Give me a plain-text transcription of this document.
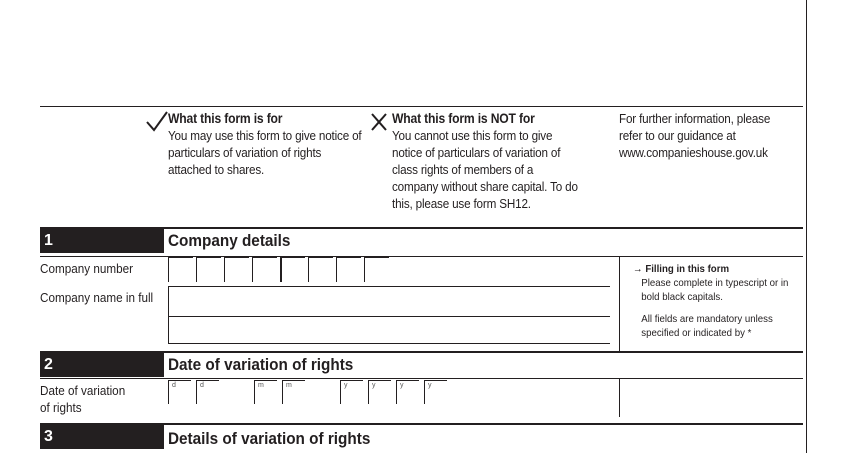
What this form is for

You may use this form to give notice of particulars of variation of rights attached to shares.

What this form is NOT for

You cannot use this form to give notice of particulars of variation of class rights of members of a company without share capital. To do this, please use form SH12.

For further information, please refer to our guidance at www.companieshouse.gov.uk

1	Company details
Company number
Company name in full
→ Filling in this form

Please complete in typescript or in bold black capitals.

All fields are mandatory unless specified or indicated by *

2	Date of variation of rights
Date of variation of rights
d	d	m	m	y	y	y	y
3	Details of variation of rights
